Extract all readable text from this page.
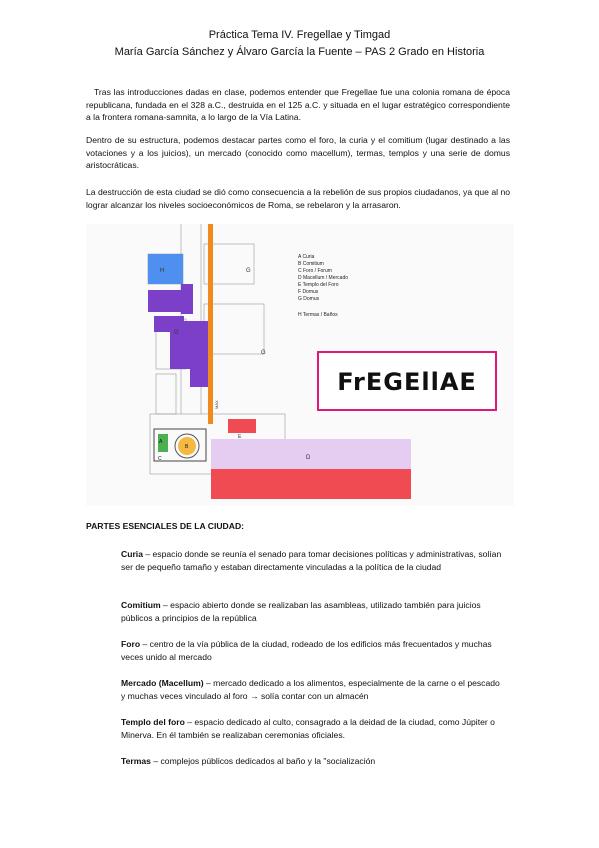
Práctica Tema IV. Fregellae y Timgad
María García Sánchez y Álvaro García la Fuente – PAS 2 Grado en Historia
Tras las introducciones dadas en clase, podemos entender que Fregellae fue una colonia romana de época republicana, fundada en el 328 a.C., destruida en el 125 a.C. y situada en el lugar estratégico correspondiente a la frontera romana-samnita, a lo largo de la Vía Latina.
Dentro de su estructura, podemos destacar partes como el foro, la curia y el comitium (lugar destinado a las votaciones y a los juicios), un mercado (conocido como macellum), termas, templos y una serie de domus aristocráticas.
La destrucción de esta ciudad se dió como consecuencia a la rebelión de sus propios ciudadanos, ya que al no lograr alcanzar los niveles socioeconómicos de Roma, se rebelaron y la arrasaron.
H	G
G
G
A
B
C	D
E
MAX
A Curia
B Comitium
C Foro / Forum
D Macellum / Mercado
E Templo del Foro
F Domus
G Domus
H Termas / Baños
FrEGEllAE
PARTES ESENCIALES DE LA CIUDAD:
Curia – espacio donde se reunía el senado para tomar decisiones políticas y administrativas, solían ser de pequeño tamaño y estaban directamente vinculadas a la política de la ciudad
Comitium – espacio abierto donde se realizaban las asambleas, utilizado también para juicios públicos a principios de la república
Foro – centro de la vía pública de la ciudad, rodeado de los edificios más frecuentados y muchas veces unido al mercado
Mercado (Macellum) – mercado dedicado a los alimentos, especialmente de la carne o el pescado y muchas veces vinculado al foro → solía contar con un almacén
Templo del foro – espacio dedicado al culto, consagrado a la deidad de la ciudad, como Júpiter o Minerva. En él también se realizaban ceremonias oficiales.
Termas – complejos públicos dedicados al baño y la "socialización
